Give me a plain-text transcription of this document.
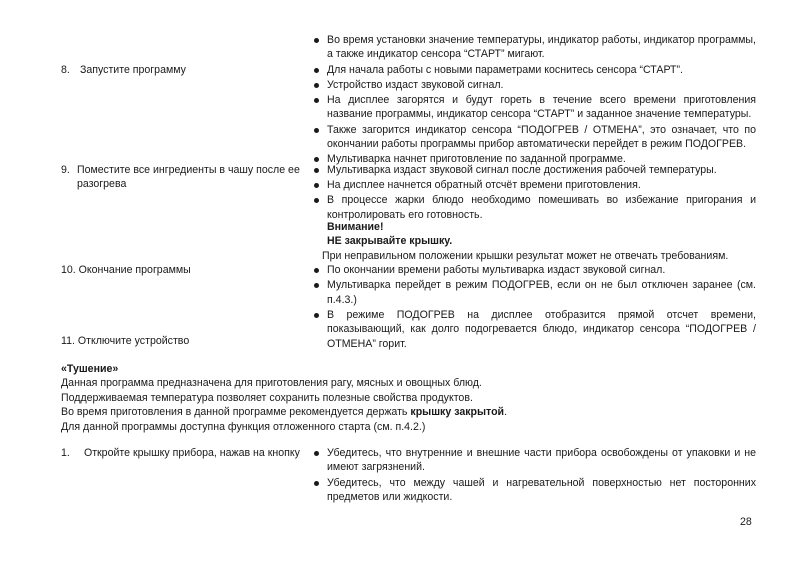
Во время установки значение температуры, индикатор работы, индикатор программы, а также индикатор сенсора “СТАРТ” мигают.
Для начала работы с новыми параметрами коснитесь сенсора “СТАРТ”.
Устройство издаст звуковой сигнал.
На дисплее загорятся и будут гореть в течение всего времени приготовления название программы, индикатор сенсора “СТАРТ” и заданное значение температуры.
Также загорится индикатор сенсора “ПОДОГРЕВ / ОТМЕНА”, это означает, что по окончании работы программы прибор автоматически перейдет в режим ПОДОГРЕВ.
Мультиварка начнет приготовление по заданной программе.
8. Запустите программу
9. Поместите все ингредиенты в чашу после ее разогрева
Мультиварка издаст звуковой сигнал после достижения рабочей температуры.
На дисплее начнется обратный отсчёт времени приготовления.
В процессе жарки блюдо необходимо помешивать во избежание пригорания и контролировать его готовность.
Внимание!
НЕ закрывайте крышку.
При неправильном положении крышки результат может не отвечать требованиям.
10. Окончание программы	По окончании времени работы мультиварка издаст звуковой сигнал.
Мультиварка перейдет в режим ПОДОГРЕВ, если он не был отключен заранее (см. п.4.3.)
В режиме ПОДОГРЕВ на дисплее отобразится прямой отсчет времени, показывающий, как долго подогревается блюдо, индикатор сенсора “ПОДОГРЕВ / ОТМЕНА” горит.
11. Отключите устройство

«Тушение»

Данная программа предназначена для приготовления рагу, мясных и овощных блюд.

Поддерживаемая температура позволяет сохранить полезные свойства продуктов.

Во время приготовления в данной программе рекомендуется держать крышку закрытой.

Для данной программы доступна функция отложенного старта (см. п.4.2.)

1. Откройте крышку прибора, нажав на кнопку	Убедитесь, что внутренние и внешние части прибора освобождены от упаковки и не имеют загрязнений.
Убедитесь, что между чашей и нагревательной поверхностью нет посторонних предметов или жидкости.
28
